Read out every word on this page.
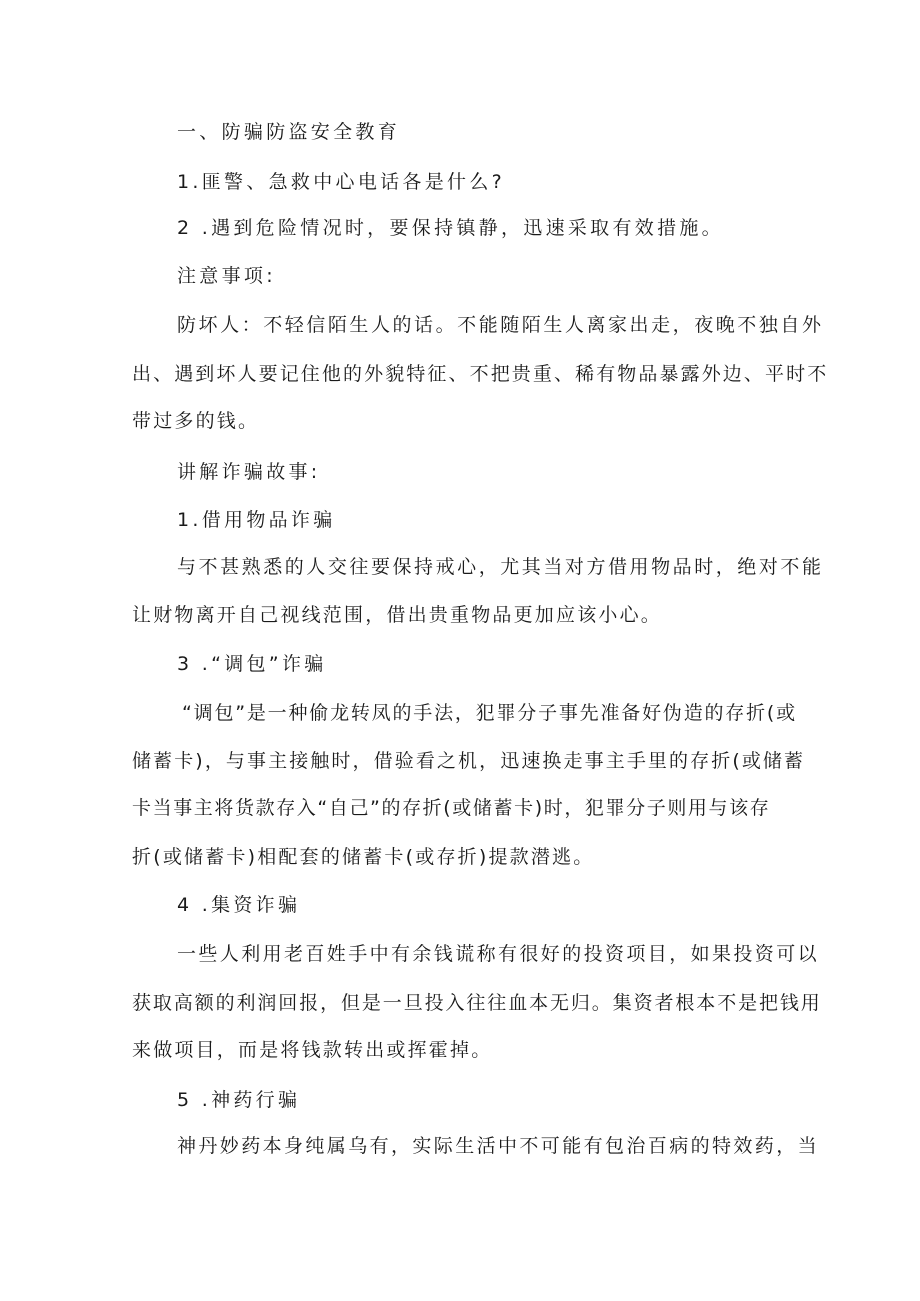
一、防骗防盗安全教育
1.匪警、急救中心电话各是什么?
2 .遇到危险情况时，要保持镇静，迅速采取有效措施。
注意事项:
防坏人：不轻信陌生人的话。不能随陌生人离家出走，夜晚不独自外
出、遇到坏人要记住他的外貌特征、不把贵重、稀有物品暴露外边、平时不
带过多的钱。
讲解诈骗故事:
1.借用物品诈骗
与不甚熟悉的人交往要保持戒心，尤其当对方借用物品时，绝对不能
让财物离开自己视线范围，借出贵重物品更加应该小心。
3 .“调包”诈骗
“调包”是一种偷龙转凤的手法，犯罪分子事先准备好伪造的存折(或
储蓄卡)，与事主接触时，借验看之机，迅速换走事主手里的存折(或储蓄
卡当事主将货款存入“自己”的存折(或储蓄卡)时，犯罪分子则用与该存
折(或储蓄卡)相配套的储蓄卡(或存折)提款潜逃。
4 .集资诈骗
一些人利用老百姓手中有余钱谎称有很好的投资项目，如果投资可以
获取高额的利润回报，但是一旦投入往往血本无归。集资者根本不是把钱用
来做项目，而是将钱款转出或挥霍掉。
5 .神药行骗
神丹妙药本身纯属乌有，实际生活中不可能有包治百病的特效药，当
